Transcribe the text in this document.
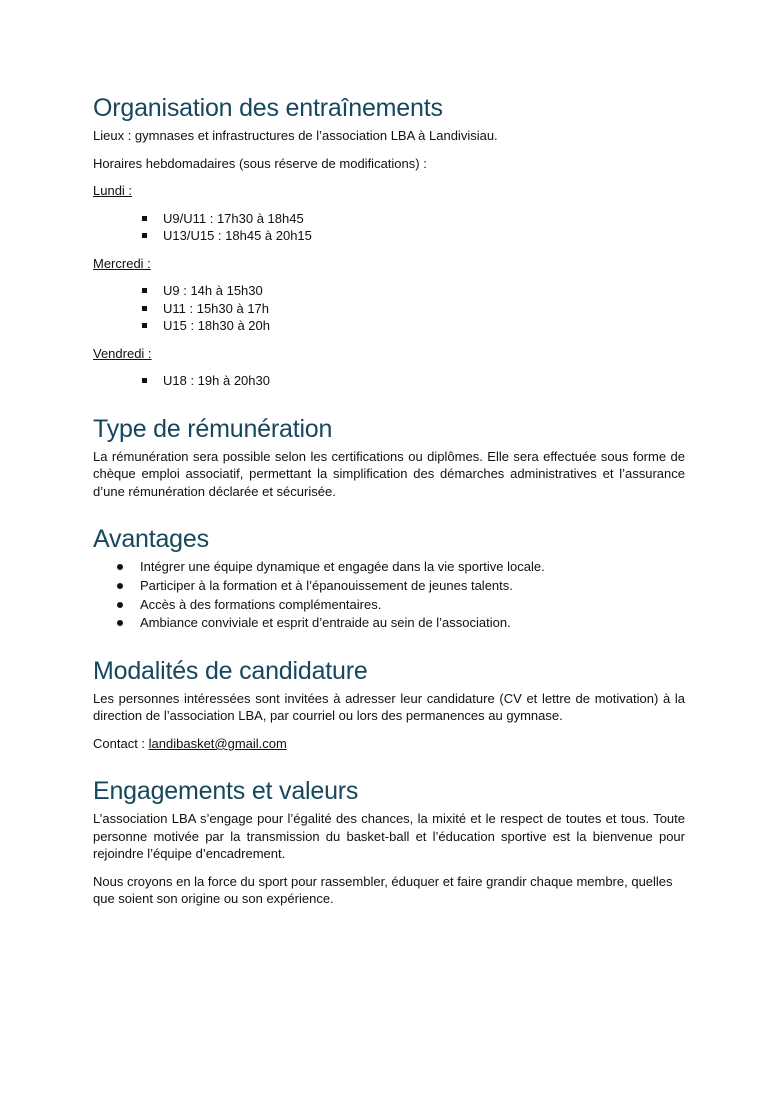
Organisation des entraînements

Lieux : gymnases et infrastructures de l’association LBA à Landivisiau.

Horaires hebdomadaires (sous réserve de modifications) :

Lundi :

U9/U11 : 17h30 à 18h45
U13/U15 : 18h45 à 20h15

Mercredi :

U9 : 14h à 15h30
U11 : 15h30 à 17h
U15 : 18h30 à 20h

Vendredi :

U18 : 19h à 20h30
Type de rémunération

La rémunération sera possible selon les certifications ou diplômes. Elle sera effectuée sous forme de chèque emploi associatif, permettant la simplification des démarches administratives et l’assurance d’une rémunération déclarée et sécurisée.

Avantages
Intégrer une équipe dynamique et engagée dans la vie sportive locale.
Participer à la formation et à l’épanouissement de jeunes talents.
Accès à des formations complémentaires.
Ambiance conviviale et esprit d’entraide au sein de l’association.
Modalités de candidature

Les personnes intéressées sont invitées à adresser leur candidature (CV et lettre de motivation) à la direction de l’association LBA, par courriel ou lors des permanences au gymnase.

Contact : landibasket@gmail.com

Engagements et valeurs

L’association LBA s’engage pour l’égalité des chances, la mixité et le respect de toutes et tous. Toute personne motivée par la transmission du basket-ball et l’éducation sportive est la bienvenue pour rejoindre l’équipe d’encadrement.

Nous croyons en la force du sport pour rassembler, éduquer et faire grandir chaque membre, quelles que soient son origine ou son expérience.
